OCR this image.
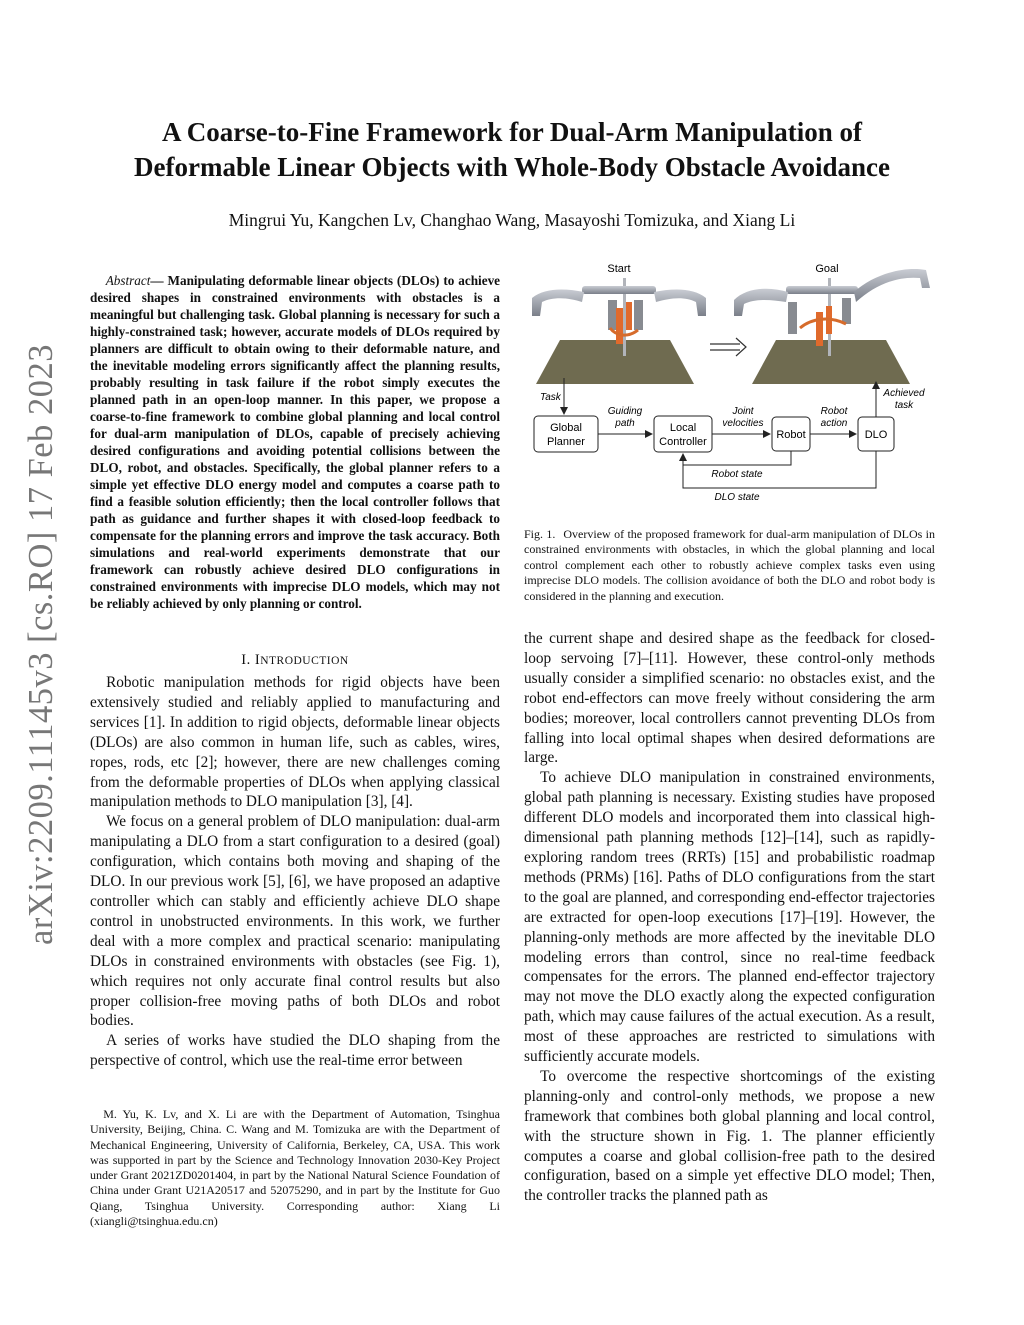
arXiv:2209.11145v3 [cs.RO] 17 Feb 2023
A Coarse-to-Fine Framework for Dual-Arm Manipulation of
Deformable Linear Objects with Whole-Body Obstacle Avoidance
Mingrui Yu, Kangchen Lv, Changhao Wang, Masayoshi Tomizuka, and Xiang Li
Abstract— Manipulating deformable linear objects (DLOs) to achieve desired shapes in constrained environments with obstacles is a meaningful but challenging task. Global planning is necessary for such a highly-constrained task; however, accurate models of DLOs required by planners are difficult to obtain owing to their deformable nature, and the inevitable modeling errors significantly affect the planning results, probably resulting in task failure if the robot simply executes the planned path in an open-loop manner. In this paper, we propose a coarse-to-fine framework to combine global planning and local control for dual-arm manipulation of DLOs, capable of precisely achieving desired configurations and avoiding potential collisions between the DLO, robot, and obstacles. Specifically, the global planner refers to a simple yet effective DLO energy model and computes a coarse path to find a feasible solution efficiently; then the local controller follows that path as guidance and further shapes it with closed-loop feedback to compensate for the planning errors and improve the task accuracy. Both simulations and real-world experiments demonstrate that our framework can robustly achieve desired DLO configurations in constrained environments with imprecise DLO models, which may not be reliably achieved by only planning or control.
I. INTRODUCTION

Robotic manipulation methods for rigid objects have been extensively studied and reliably applied to manufacturing and services [1]. In addition to rigid objects, deformable linear objects (DLOs) are also common in human life, such as cables, wires, ropes, rods, etc [2]; however, there are new challenges coming from the deformable properties of DLOs when applying classical manipulation methods to DLO manipulation [3], [4].

We focus on a general problem of DLO manipulation: dual-arm manipulating a DLO from a start configuration to a desired (goal) configuration, which contains both moving and shaping of the DLO. In our previous work [5], [6], we have proposed an adaptive controller which can stably and efficiently achieve DLO shape control in unobstructed environments. In this work, we further deal with a more complex and practical scenario: manipulating DLOs in constrained environments with obstacles (see Fig. 1), which requires not only accurate final control results but also proper collision-free moving paths of both DLOs and robot bodies.

A series of works have studied the DLO shaping from the perspective of control, which use the real-time error between

M. Yu, K. Lv, and X. Li are with the Department of Automation, Tsinghua University, Beijing, China. C. Wang and M. Tomizuka are with the Department of Mechanical Engineering, University of California, Berkeley, CA, USA. This work was supported in part by the Science and Technology Innovation 2030-Key Project under Grant 2021ZD0201404, in part by the National Natural Science Foundation of China under Grant U21A20517 and 52075290, and in part by the Institute for Guo Qiang, Tsinghua University. Corresponding author: Xiang Li (xiangli@tsinghua.edu.cn)

Start	Goal
Task
Global
Planner
Guiding
path	Local
Controller
Joint
velocities
Robot
Robot
action
DLO
Achieved
task
Robot state
DLO state
Fig. 1. Overview of the proposed framework for dual-arm manipulation of DLOs in constrained environments with obstacles, in which the global planning and local control complement each other to robustly achieve complex tasks even using imprecise DLO models. The collision avoidance of both the DLO and robot body is considered in the planning and execution.

the current shape and desired shape as the feedback for closed-loop servoing [7]–[11]. However, these control-only methods usually consider a simplified scenario: no obstacles exist, and the robot end-effectors can move freely without considering the arm bodies; moreover, local controllers cannot preventing DLOs from falling into local optimal shapes when desired deformations are large.

To achieve DLO manipulation in constrained environments, global path planning is necessary. Existing studies have proposed different DLO models and incorporated them into classical high-dimensional path planning methods [12]–[14], such as rapidly-exploring random trees (RRTs) [15] and probabilistic roadmap methods (PRMs) [16]. Paths of DLO configurations from the start to the goal are planned, and corresponding end-effector trajectories are extracted for open-loop executions [17]–[19]. However, the planning-only methods are more affected by the inevitable DLO modeling errors than control, since no real-time feedback compensates for the errors. The planned end-effector trajectory may not move the DLO exactly along the expected configuration path, which may cause failures of the actual execution. As a result, most of these approaches are restricted to simulations with sufficiently accurate models.

To overcome the respective shortcomings of the existing planning-only and control-only methods, we propose a new framework that combines both global planning and local control, with the structure shown in Fig. 1. The planner efficiently computes a coarse and global collision-free path to the desired configuration, based on a simple yet effective DLO model; Then, the controller tracks the planned path as
